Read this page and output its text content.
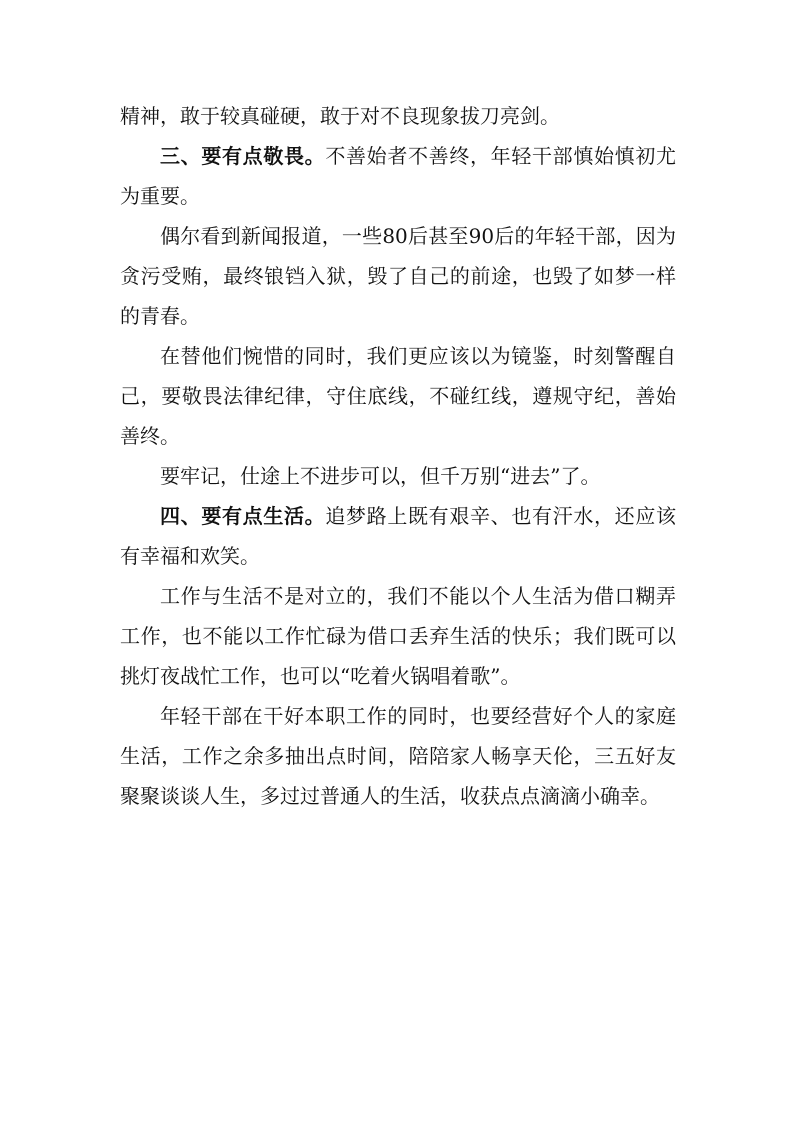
精神，敢于较真碰硬，敢于对不良现象拔刀亮剑。

三、要有点敬畏。不善始者不善终，年轻干部慎始慎初尤为重要。

偶尔看到新闻报道，一些80后甚至90后的年轻干部，因为贪污受贿，最终锒铛入狱，毁了自己的前途，也毁了如梦一样的青春。

在替他们惋惜的同时，我们更应该以为镜鉴，时刻警醒自己，要敬畏法律纪律，守住底线，不碰红线，遵规守纪，善始善终。

要牢记，仕途上不进步可以，但千万别“进去”了。

四、要有点生活。追梦路上既有艰辛、也有汗水，还应该有幸福和欢笑。

工作与生活不是对立的，我们不能以个人生活为借口糊弄工作，也不能以工作忙碌为借口丢弃生活的快乐；我们既可以挑灯夜战忙工作，也可以“吃着火锅唱着歌”。

年轻干部在干好本职工作的同时，也要经营好个人的家庭生活，工作之余多抽出点时间，陪陪家人畅享天伦，三五好友聚聚谈谈人生，多过过普通人的生活，收获点点滴滴小确幸。
